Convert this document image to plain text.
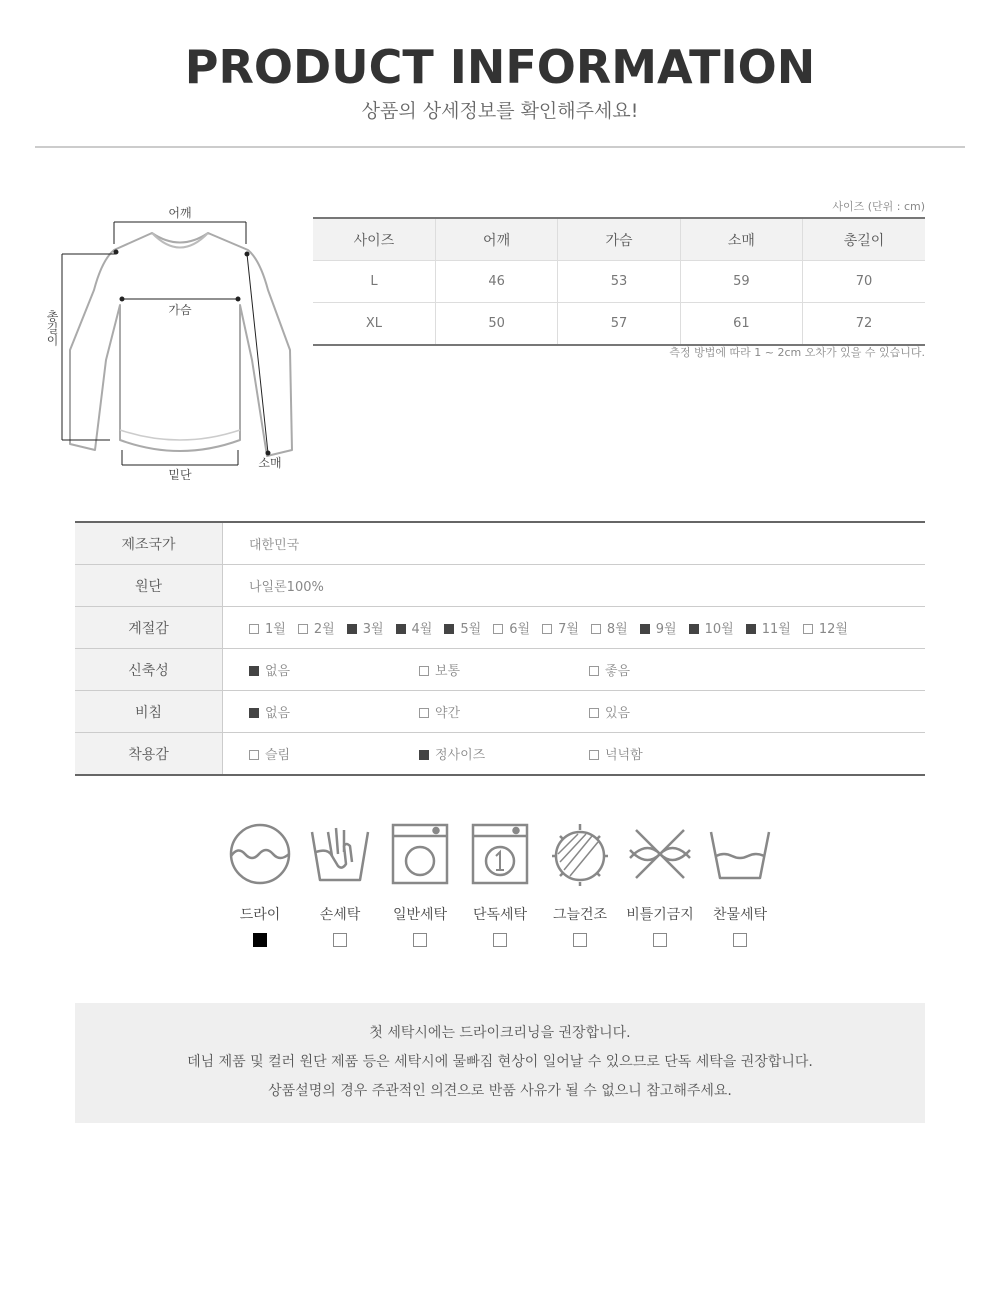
PRODUCT INFORMATION
상품의 상세정보를 확인해주세요!
어깨
가슴
총길이
소매
밑단
사이즈 (단위 : cm)
사이즈	어깨	가슴	소매	총길이
L	46	53	59	70
XL	50	57	61	72
측정 방법에 따라 1 ~ 2cm 오차가 있을 수 있습니다.
제조국가	대한민국
원단	나일론100%
계절감	1월 2월 3월 4월 5월 6월 7월 8월 9월 10월 11월 12월
신축성	없음 보통 좋음
비침	없음 약간 있음
착용감	슬림 정사이즈 넉넉함
드라이	손세탁	일반세탁	단독세탁	그늘건조	비틀기금지	찬물세탁

첫 세탁시에는 드라이크리닝을 권장합니다.

데님 제품 및 컬러 원단 제품 등은 세탁시에 물빠짐 현상이 일어날 수 있으므로 단독 세탁을 권장합니다.

상품설명의 경우 주관적인 의견으로 반품 사유가 될 수 없으니 참고해주세요.
